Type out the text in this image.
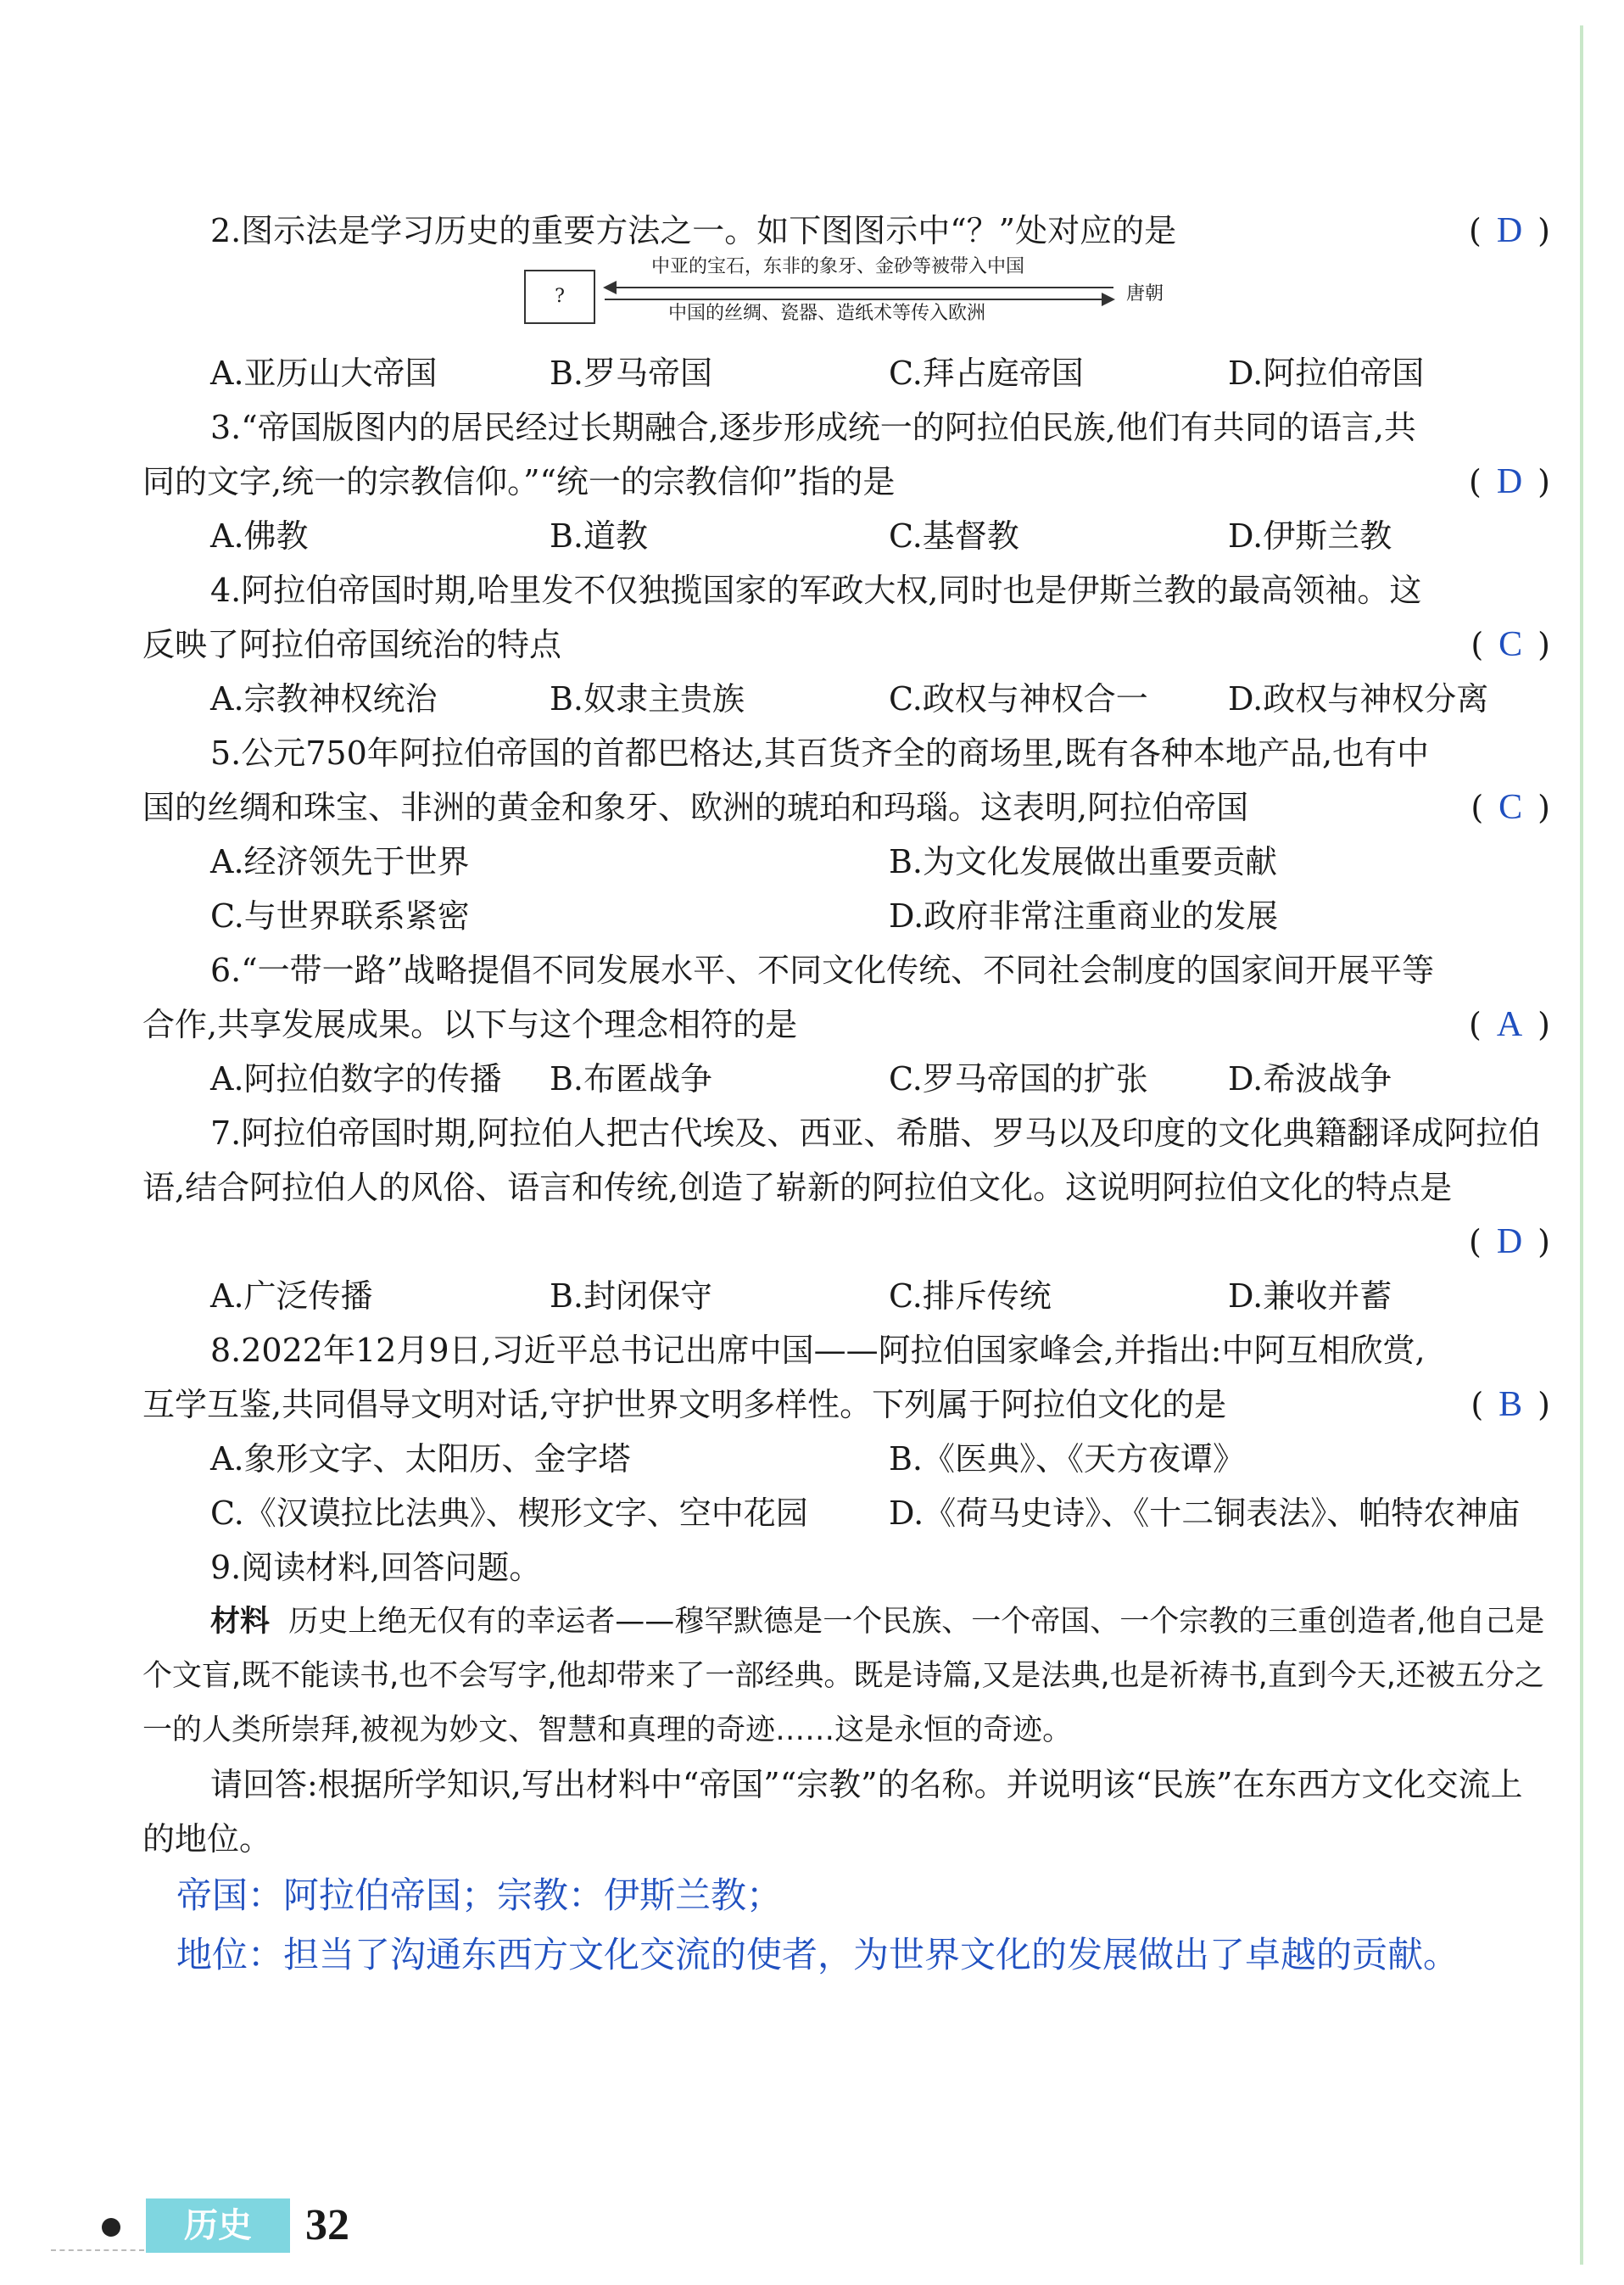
2.图示法是学习历史的重要方法之一。如下图图示中“？”处对应的是	( D )
?
中亚的宝石，东非的象牙、金砂等被带入中国
中国的丝绸、瓷器、造纸术等传入欧洲
唐朝
A.亚历山大帝国	B.罗马帝国	C.拜占庭帝国	D.阿拉伯帝国
3.“帝国版图内的居民经过长期融合,逐步形成统一的阿拉伯民族,他们有共同的语言,共同的文字,统一的宗教信仰。”“统一的宗教信仰”指的是	( D )
A.佛教	B.道教	C.基督教	D.伊斯兰教
4.阿拉伯帝国时期,哈里发不仅独揽国家的军政大权,同时也是伊斯兰教的最高领袖。这反映了阿拉伯帝国统治的特点	( C )
A.宗教神权统治	B.奴隶主贵族	C.政权与神权合一	D.政权与神权分离
5.公元750年阿拉伯帝国的首都巴格达,其百货齐全的商场里,既有各种本地产品,也有中国的丝绸和珠宝、非洲的黄金和象牙、欧洲的琥珀和玛瑙。这表明,阿拉伯帝国	( C )
A.经济领先于世界	B.为文化发展做出重要贡献
C.与世界联系紧密	D.政府非常注重商业的发展
6.“一带一路”战略提倡不同发展水平、不同文化传统、不同社会制度的国家间开展平等合作,共享发展成果。以下与这个理念相符的是	( A )
A.阿拉伯数字的传播	B.布匿战争	C.罗马帝国的扩张	D.希波战争
7.阿拉伯帝国时期,阿拉伯人把古代埃及、西亚、希腊、罗马以及印度的文化典籍翻译成阿拉伯语,结合阿拉伯人的风俗、语言和传统,创造了崭新的阿拉伯文化。这说明阿拉伯文化的特点是
( D )
A.广泛传播	B.封闭保守	C.排斥传统	D.兼收并蓄
8.2022年12月9日,习近平总书记出席中国——阿拉伯国家峰会,并指出:中阿互相欣赏,互学互鉴,共同倡导文明对话,守护世界文明多样性。下列属于阿拉伯文化的是	( B )
A.象形文字、太阳历、金字塔	B.《医典》、《天方夜谭》
C.《汉谟拉比法典》、楔形文字、空中花园	D.《荷马史诗》、《十二铜表法》、帕特农神庙
9.阅读材料,回答问题。
材料 历史上绝无仅有的幸运者——穆罕默德是一个民族、一个帝国、一个宗教的三重创造者,他自己是个文盲,既不能读书,也不会写字,他却带来了一部经典。既是诗篇,又是法典,也是祈祷书,直到今天,还被五分之一的人类所崇拜,被视为妙文、智慧和真理的奇迹……这是永恒的奇迹。
请回答:根据所学知识,写出材料中“帝国”“宗教”的名称。并说明该“民族”在东西方文化交流上的地位。
帝国：阿拉伯帝国；宗教：伊斯兰教；
地位：担当了沟通东西方文化交流的使者，为世界文化的发展做出了卓越的贡献。
历史	32
